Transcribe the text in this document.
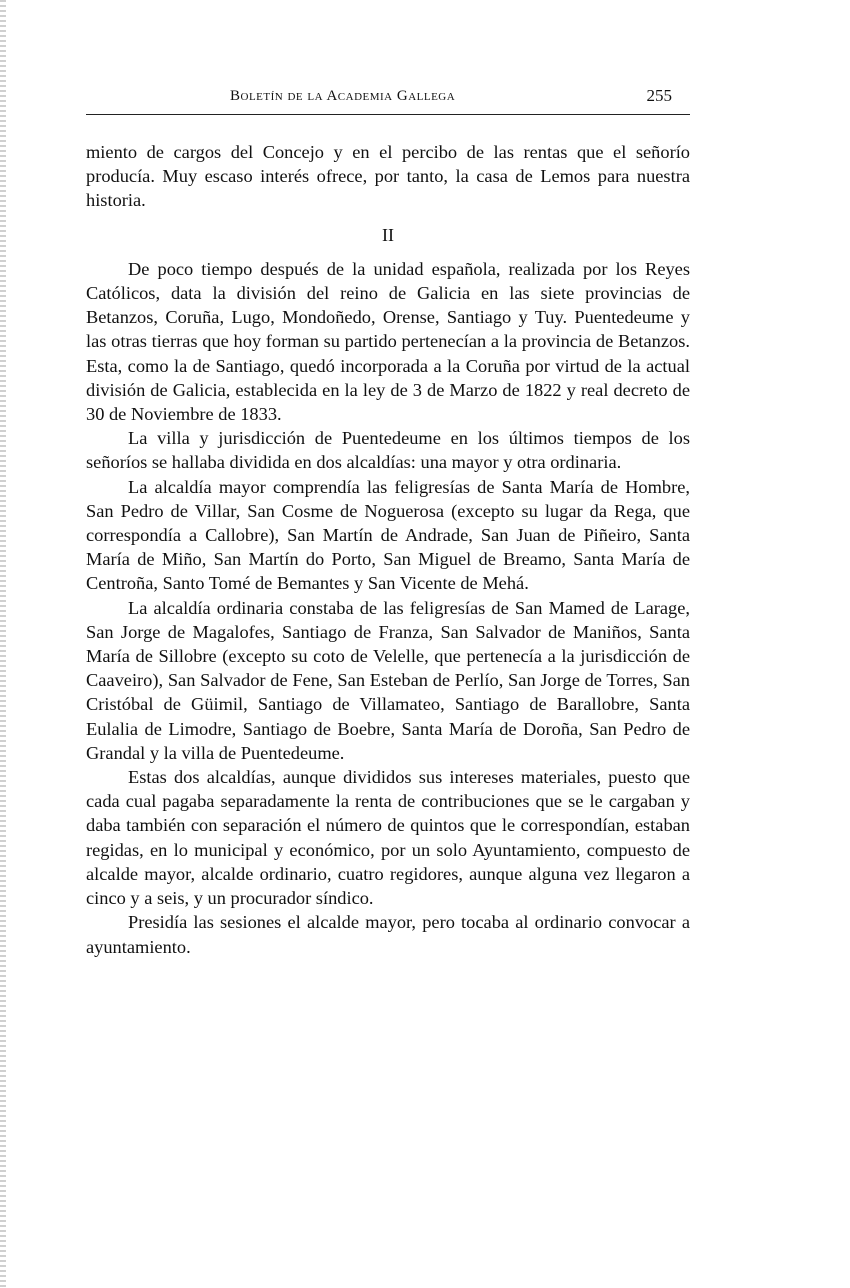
Boletín de la Academia Gallega	255

miento de cargos del Concejo y en el percibo de las rentas que el señorío producía. Muy escaso interés ofrece, por tanto, la casa de Lemos para nuestra historia.

II

De poco tiempo después de la unidad española, realizada por los Reyes Católicos, data la división del reino de Galicia en las siete provincias de Betanzos, Coruña, Lugo, Mondoñedo, Orense, Santiago y Tuy. Puentedeume y las otras tierras que hoy forman su partido pertenecían a la provincia de Betanzos. Esta, como la de Santiago, quedó incorporada a la Coruña por virtud de la actual división de Galicia, establecida en la ley de 3 de Marzo de 1822 y real decreto de 30 de Noviembre de 1833.

La villa y jurisdicción de Puentedeume en los últimos tiempos de los señoríos se hallaba dividida en dos alcaldías: una mayor y otra ordinaria.

La alcaldía mayor comprendía las feligresías de Santa María de Hombre, San Pedro de Villar, San Cosme de Noguerosa (excepto su lugar da Rega, que correspondía a Callobre), San Martín de Andrade, San Juan de Piñeiro, Santa María de Miño, San Martín do Porto, San Miguel de Breamo, Santa María de Centroña, Santo Tomé de Bemantes y San Vicente de Mehá.

La alcaldía ordinaria constaba de las feligresías de San Mamed de Larage, San Jorge de Magalofes, Santiago de Franza, San Salvador de Maniños, Santa María de Sillobre (excepto su coto de Velelle, que pertenecía a la jurisdicción de Caaveiro), San Salvador de Fene, San Esteban de Perlío, San Jorge de Torres, San Cristóbal de Güimil, Santiago de Villamateo, Santiago de Barallobre, Santa Eulalia de Limodre, Santiago de Boebre, Santa María de Doroña, San Pedro de Grandal y la villa de Puentedeume.

Estas dos alcaldías, aunque divididos sus intereses materiales, puesto que cada cual pagaba separadamente la renta de contribuciones que se le cargaban y daba también con separación el número de quintos que le correspondían, estaban regidas, en lo municipal y económico, por un solo Ayuntamiento, compuesto de alcalde mayor, alcalde ordinario, cuatro regidores, aunque alguna vez llegaron a cinco y a seis, y un procurador síndico.

Presidía las sesiones el alcalde mayor, pero tocaba al ordinario convocar a ayuntamiento.
